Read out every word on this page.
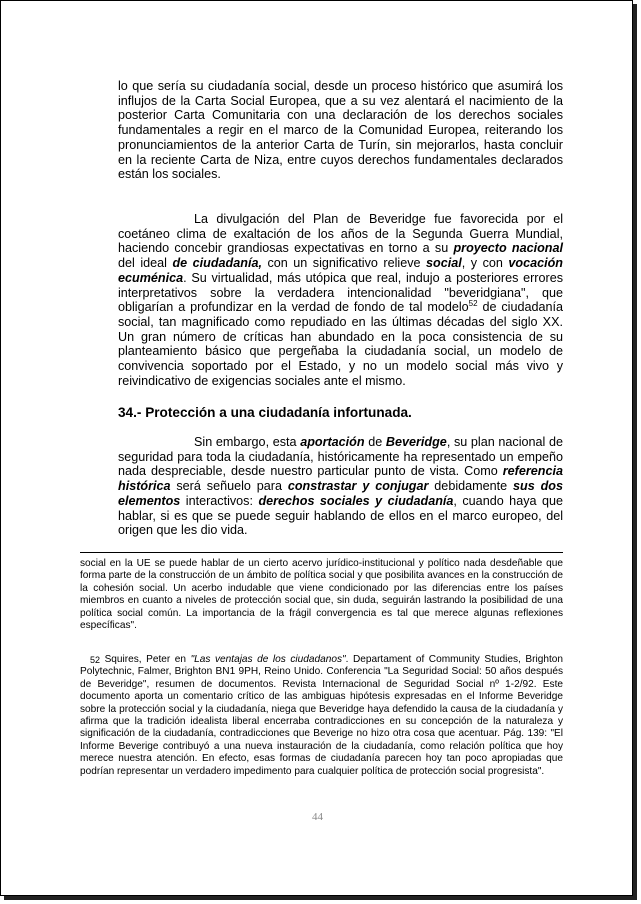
lo que sería su ciudadanía social, desde un proceso histórico que asumirá los influjos de la Carta Social Europea, que a su vez alentará el nacimiento de la posterior Carta Comunitaria con una declaración de los derechos sociales fundamentales a regir en el marco de la Comunidad Europea, reiterando los pronunciamientos de la anterior Carta de Turín, sin mejorarlos, hasta concluir en la reciente Carta de Niza, entre cuyos derechos fundamentales declarados están los sociales.

La divulgación del Plan de Beveridge fue favorecida por el coetáneo clima de exaltación de los años de la Segunda Guerra Mundial, haciendo concebir grandiosas expectativas en torno a su proyecto nacional del ideal de ciudadanía, con un significativo relieve social, y con vocación ecuménica. Su virtualidad, más utópica que real, indujo a posteriores errores interpretativos sobre la verdadera intencionalidad "beveridgiana", que obligarían a profundizar en la verdad de fondo de tal modelo$^{52}$ de ciudadanía social, tan magnificado como repudiado en las últimas décadas del siglo XX. Un gran número de críticas han abundado en la poca consistencia de su planteamiento básico que pergeñaba la ciudadanía social, un modelo de convivencia soportado por el Estado, y no un modelo social más vivo y reivindicativo de exigencias sociales ante el mismo.

34.- Protección a una ciudadanía infortunada.

Sin embargo, esta aportación de Beveridge, su plan nacional de seguridad para toda la ciudadanía, históricamente ha representado un empeño nada despreciable, desde nuestro particular punto de vista. Como referencia histórica será señuelo para constrastar y conjugar debidamente sus dos elementos interactivos: derechos sociales y ciudadanía, cuando haya que hablar, si es que se puede seguir hablando de ellos en el marco europeo, del origen que les dio vida.

social en la UE se puede hablar de un cierto acervo jurídico-institucional y político nada desdeñable que forma parte de la construcción de un ámbito de política social y que posibilita avances en la construcción de la cohesión social. Un acerbo indudable que viene condicionado por las diferencias entre los países miembros en cuanto a niveles de protección social que, sin duda, seguirán lastrando la posibilidad de una política social común. La importancia de la frágil convergencia es tal que merece algunas reflexiones específicas".

52 Squires, Peter en "Las ventajas de los ciudadanos". Departament of Community Studies, Brighton Polytechnic, Falmer, Brighton BN1 9PH, Reino Unido. Conferencia "La Seguridad Social: 50 años después de Beveridge", resumen de documentos. Revista Internacional de Seguridad Social nº 1-2/92. Este documento aporta un comentario crítico de las ambiguas hipótesis expresadas en el Informe Beveridge sobre la protección social y la ciudadanía, niega que Beveridge haya defendido la causa de la ciudadanía y afirma que la tradición idealista liberal encerraba contradicciones en su concepción de la naturaleza y significación de la ciudadanía, contradicciones que Beverige no hizo otra cosa que acentuar. Pág. 139: "El Informe Beverige contribuyó a una nueva instauración de la ciudadanía, como relación política que hoy merece nuestra atención. En efecto, esas formas de ciudadanía parecen hoy tan poco apropiadas que podrían representar un verdadero impedimento para cualquier política de protección social progresista".

44
